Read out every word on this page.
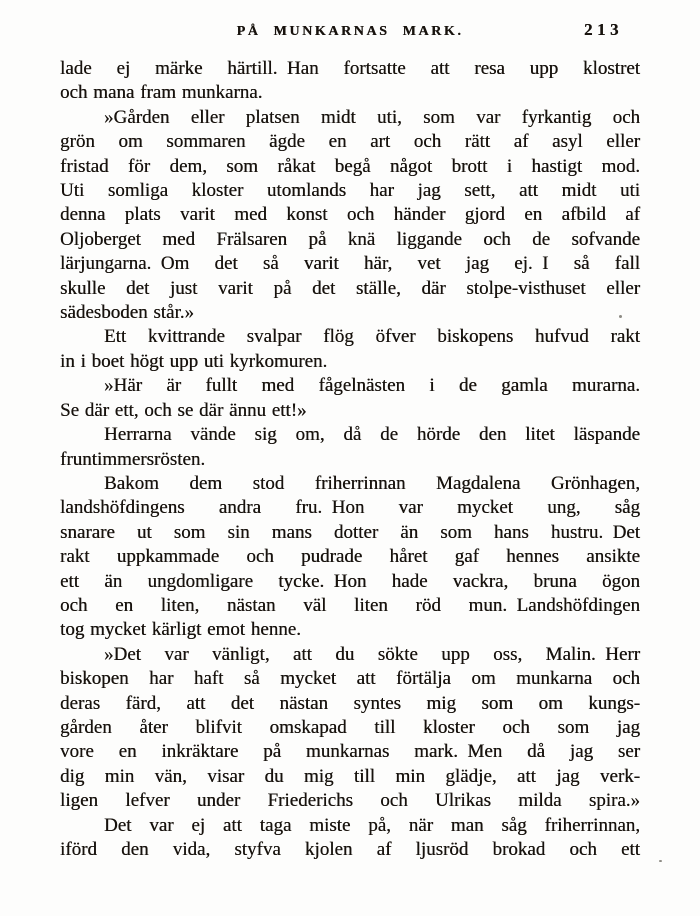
PÅ MUNKARNAS MARK.	213
lade ej märke härtill. Han fortsatte att resa upp klostret
och mana fram munkarna.
»Gården eller platsen midt uti, som var fyrkantig och
grön om sommaren ägde en art och rätt af asyl eller
fristad för dem, som råkat begå något brott i hastigt mod.
Uti somliga kloster utomlands har jag sett, att midt uti
denna plats varit med konst och händer gjord en afbild af
Oljoberget med Frälsaren på knä liggande och de sofvande
lärjungarna. Om det så varit här, vet jag ej. I så fall
skulle det just varit på det ställe, där stolpe-visthuset eller
sädesboden står.»
Ett kvittrande svalpar flög öfver biskopens hufvud rakt
in i boet högt upp uti kyrkomuren.
»Här är fullt med fågelnästen i de gamla murarna.
Se där ett, och se där ännu ett!»
Herrarna vände sig om, då de hörde den litet läspande
fruntimmersrösten.
Bakom dem stod friherrinnan Magdalena Grönhagen,
landshöfdingens andra fru. Hon var mycket ung, såg
snarare ut som sin mans dotter än som hans hustru. Det
rakt uppkammade och pudrade håret gaf hennes ansikte
ett än ungdomligare tycke. Hon hade vackra, bruna ögon
och en liten, nästan väl liten röd mun. Landshöfdingen
tog mycket kärligt emot henne.
»Det var vänligt, att du sökte upp oss, Malin. Herr
biskopen har haft så mycket att förtälja om munkarna och
deras färd, att det nästan syntes mig som om kungs-
gården åter blifvit omskapad till kloster och som jag
vore en inkräktare på munkarnas mark. Men då jag ser
dig min vän, visar du mig till min glädje, att jag verk-
ligen lefver under Friederichs och Ulrikas milda spira.»
Det var ej att taga miste på, när man såg friherrinnan,
iförd den vida, styfva kjolen af ljusröd brokad och ett
